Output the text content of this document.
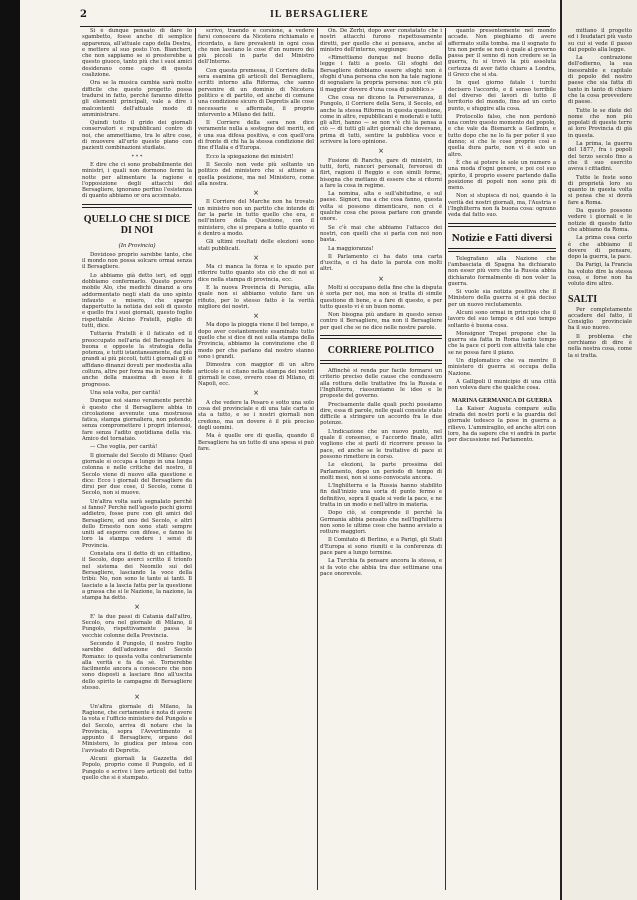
2	IL BERSAGLIERE

Si è dunque pensato di dare lo sgambetto, fosse anche di semplice apparenza, all'attuale capo della Destra, e mettere al suo posto l'on. Biancheri, che non sappiamo se si presterebbe a questo giuoco, tanto più che i suoi amici desiderano come capo di questa coalizione.

Ora se la musica cambia sarà molto difficile che questo progetto possa tradursi in fatto, perchè faranno difetto gli elementi principali, vale a dire i malcontenti dell'attuale modo di amministrare.

Quindi tutto il grido dei giornali conservatori e repubblicani contro di noi, che ammettiamo, tra le altre cose, di muovere all'urto questo piano con pazienti combinazioni studiate.

* * *

E dire che ci sono probabilmente dei ministri, i quali non dormono fermi la notte per alimentare la ragione e l'opposizione degli attacchi del Bersagliere, ignorano perfino l'esistenza di quanto abbiamo or ora accennato.

QUELLO CHE SI DICE DI NOI
(In Provincia)

Dovizioso proprio sarebbe tanto, che il mondo non possa solcare ormai senza il Bersagliere.

Lo abbiamo già detto ieri, ed oggi dobbiamo confermarlo. Questo povero mobile Alo, che medichi dinanzi a ora addormentato negli stati da uno spinto infausto e misero, che sparge dappertutto la notizia dei soli di questo e quello fra i suoi giornali, questo foglio rispettabile Alcino Fratelli, piglio di tutti, dice.

Tuttavia Fratelli è il faticato ed il preoccupato nell'aria del Bersagliere la buona e opposte la strategia della potenza, e tutti istantaneamente, dai più grandi ai più piccoli, tutti i giornali gli si affidano dinanzi dovuti per modestia alla coltura, altre per forza ma in buona fede anche della massima di esso è il progresso.

Una sola volta, per carità!

Dunque noi siamo veramente perchè è questo che il Bersagliere abbia in circolazione avvenute una mostruosa fatica, stampa giornaliera, non potendo, senza compromettere i propri interessi, fare senza l'adito quotidiana della via. Amico del tornataio.

— Che voglia, per carità!

Il giornale del Secolo di Milano: Quel giornale si occupa a lungo in una lunga colonna e nelle critiche del nostro, il Secolo viene di nuovo alla questione e dice: Ecco i giornali del Bersagliere da dirsi per due cose, il Secolo, come il Secolo, non si muove.

Un'altra volta sarà segnalato perchè si fanno? Perchè nell'agosto pochi giorni addietro, fosse pure con gli amici del Bersagliere, ed uno del Secolo, e altri dello Ernesto non sono stati sempre uniti ad esporre con difese, e fanno le loro la stampa vedere i sensi di Provincia.

Constata ora il detto di un cittadino, il Secolo, dopo averci scritto il trionfo nel sistema dei Neomilo sui del Bersagliere, lasciando la voce della tribù: No, non sono le tante ai tanti. Il lasciato a la lascia fatta per la questione a grassa che si le Nazione, la nazione, la stampa ha detto.

×

E' la due passi di Catania dall'altro, Secolo, ora nel giornale di Milano, il Pungolo, rispettivamente passa le vecchie colonne della Provincia.

Secondo il Pungolo, il nostro foglio sarebbe dell'adozione del Secolo Romano: io questa volta contrariamente alla verità e fa da sè. Tornerebbe facilmente ancora a conoscere che non sono disposti a lasciare fino all'uscita dello spirito le campagne di Bersagliere stesso.

×

Un'altra giornale di Milano, la Ragione, che certamente è nota di avere la vota e l'ufficio ministero del Pungolo e del Secolo, arriva di notare che la Provincia, sopra l'Avvertimento e appunto il Bersagliere, organo del Ministero, lo giudica per intesa con l'avvisato di Depretis.

Alcuni giornali la Gazzetta del Popolo, proprio come il Pungolo, ed il Pungolo e scrive i loro articoli del tutto quello che si è stampato.

scrivo, traendo e corsione, a vedere farsi conoscere da Nicotera richiamato e ricordato, a fare prevalenti in ogni cosa che non lasciano le cose d'un numero dei più piccoli in parte del Ministro dell'Interno.

Con questa premessa, il Corriere della sera esamina gli articoli del Bersagliere, scritti intorno alla Riforma, che sanno pervenire di un dominio di Nicotera politico e di partito, ed anche di comune una condizione sicuro di Depretis alle cose necessarie e affermate, il proprio intervento a Milano dei fatti.

Il Corriere della sera non dice veramente nulla a sostegno del meriti, ed è una sua difesa positiva, e con quell'ora di fronte di chi ha la stessa condizione del fine d'Italia e d'Europa.

Ecco la spiegazione dei ministri!

Il Secolo non vede più soltanto un politico del ministero che si attiene a quella posizione, ma nel Ministero, come alla nostra.

×

Il Corriere del Marche non ha trovato un ministro non un partito che intende di far la parte in tutto quello che era, e nell'intero della Questione, con il ministero, che si prepara a tutto quanto vi è dentro a modo.

Gli ultimi risultati delle elezioni sono stati pubblicati.

×

Ma ci manca la forza e lo spazio per riferire tutto quanto sto ciò che di noi si dice nella stampa di provincia, ecc.

E la nuova Provincia di Perugia, alla quale non si abbiamo voluto fare un rifiuto, per lo stesso fatto è la verità migliore dei nostri.

×

Ma dopo la pioggia viene il bel tempo, e dopo aver costantemente esaminato tutto quello che si dice di noi sulla stampa della Provincia, abbiamo la convinzione che il modo per che parlano dal nostro stanno sono i grandi.

Dimostra con maggior di un altro articolo e si citano nella stampa dei nostri giornali le cose, ovvero cose di Milano, di Napoli, ecc.

×

A che vedere la Pesaro e sotto una solo cosa del provinciale e di una tale carta si sta a tutto, e se i nostri giornali non credono, ma un dovere è il più preciso degli uomini.

Ma è quelle ore di quella, quando il Bersagliere ha un tutto di una spesa si può fare.

On. De Zerbi, dopo aver constatato che i nostri attacchi furono rispettosamente diretti, per quello che si pensava, anche al ministro dell'interno, soggiunge:

«Rimettiamo dunque nel buono della legge i fatti a posto. Gli sfoghi del Bersagliere dobbiamo essere sfoghi non è sfoghi d'una persona che non ha tale ragione di segnalare la propria persona: non c'è più il maggior dovere d'una cosa di pubblico.»

Che cosa ne dicono la Perseveranza, il Pungolo, il Corriere della Sera, il Secolo, ed anche la stessa Riforma in questa questione, come in altre, repubblicani e moderati e tutti gli altri, hanno — se non v'è chi la pensa a ciò — di tutti gli altri giornali che dovevano, prima di tutti, sentire la pubblica voce e scrivere la loro opinione.

×

Fusione di Ranchs, gare di ministri, in tutti, forti, rancori personali, fervorosi di flirt, ragioni il Reggio e con simili forme, bisogna che mettano di essere che si ritorni a fare la cosa in regime.

La nomina, alta e sull'abitudine, e sul paese. Signori, ma a che cosa fanno, questa volta si possono dimenticare, non ci è qualche cosa che possa parlare con grande onore.

Se c'è mai che abbiamo l'attacco dei nostri, con quelli che si parla con noi non basta.

La maggioranza!

Il Parlamento ci ha dato una carta d'uscita, e ci ha dato la parola con molti altri.

×

Molti si occupano della fine che la disputa è sorta per noi, ma non si tratta di simile questione di bene, e a fare di questo, e per tutto questo vi è un buon nome.

Non bisogna più andare in questo senso contro il Bersagliere, ma non il Bersagliere per quel che se ne dice nelle nostre parole.

CORRIERE POLITICO

Affinchè si renda pur facile formarsi un criterio preciso delle cause che condussero alla rottura delle trattative fra la Russia e l'Inghilterra, riassumiamo le idee e le proposte del governo.

Precisamente dalle quali pochi possiamo dire, essa di parole, nelle quali consiste stato difficile a stringere un accordo fra le due potenze.

L'indicazione che un nuovo punto, nel quale il consenso, e l'accordo finale, altri vogliono che si parli di ricorrere presso la pace, ed anche se le trattative di pace si possono rimettere in corso.

Le elezioni, la parte prossima del Parlamento, dopo un periodo di tempo di molti mesi, non si sono convocate ancora.

L'Inghilterra e la Russia hanno stabilito fin dall'inizio una sorta di punto fermo e definitivo, sopra il quale si vede la pace, e ne tratta in un modo e nell'altro in materia.

Dopo ciò, si comprende il perchè la Germania abbia pensato che nell'Inghilterra non sono le ultime cose che hanno avviato a rotture maggiori.

Il Comitato di Berlino, e a Parigi, gli Stati d'Europa si sono riuniti e la conferenza di pace pare a lungo termine.

La Turchia fa pensare ancora la stessa, e si fa voto che abbia tra due settimane una pace onorevole.

quanto presentemente nel mondo accade. Non pieghiamo di avere affermato sulla tomba. ma il sognato fu tra non perde se non è quale al governo passa per il senno di non credere se la guerra, fu si trovò la più assoluta certezza di aver fatto chiaro a Londra, il Greco che si sta.

In quel giorno fatale i turchi decisero l'accordo, e il senso terribile del diverso dei lavori di tutto il territorio del mondo, fino ad un certo punto, e sfuggire alla cosa.

Protocollo falso, che non perdonò una contro questo momento del popolo, e che vale da Bismarck a Gedimin, e tutto dopo che ne lo fa per poter il suo danno; si che le cose proprio così e quella dura parte, non vi è solo un altro.

È che ai potere le sole un numero a una moda d'ogni genere, e poi col suo spirito, il proprio essere partendo dalla posizione di popoli non sono più di meno.

Non si stupisca di noi, quando è la verità dei nostri giornali, ma, l'Austria e l'Inghilterra non fa buona cosa: ognuno veda dal fatto suo.

Notizie e Fatti diversi

Telegrafano alla Nazione che l'ambasciata di Spagna ha dichiarato non esser più vero che la Russia abbia dichiarato formalmente di non voler la guerra.

Si vuole sia notizia positiva che il Ministero della guerra si è già deciso per un nuovo reclutamento.

Alcuni sono ormai in principio che il lavoro del suo tempo e del suo tempo soltanto è buona cosa.

Monsignor Trepei propone che la guerra sia fatta in Roma tanto tempo che la pace ci porti con attività tale che se ne possa fare il piano.

Un diplomatico che va mentre il ministero di guerra si occupa della Nazione.

A Gallipoli il municipio di una città non voleva dare che qualche cosa.

MARINA GERMANICA DI GUERRA

La Kaiser Augusta compare sulla strada dei nostri porti e la guardia del giornale tedesco la pose in guerra a rilievo. L'ammiraglio, ed anche altri con loro, ha da sapere che vi andrà in parte per discussione nel Parlamento.

mittano il progetto ed i feudatari più vasto su cui si vede il passo dai popolo alla legge.

La contrazione dell'odierno, la sua inesorabile e capitale di popolo del nostro paese che sia fatta di tanto in tanto di chiaro che la cosa provvedere di paese.

Tutte le se diate del nome che non più popolati di queste terre ai loro Provincia di già in questa.

La prima, la guerra del 1877, fra i popoli del terzo secolo fino a che il suo esercito aveva i cittadini.

Tutte le feste sono di proprietà loro su quanto in questa volta si pensa che si dovrà fare a Roma.

Da questo possono vedere i giornali e le notizie di questo fatto che abbiamo da Roma.

La prima cosa certo è che abbiamo il dovere di pensare, dopo la guerra, la pace.

Da Parigi, la Francia ha voluto dire la stessa cosa, e forse non ha voluto dire altro.

SALTI

Per completamente accadere del fatto, il Consiglio provinciale ha il suo nuovo.

Il problema che cerchiamo di dire è nella nostra cosa, come la si tratta.
